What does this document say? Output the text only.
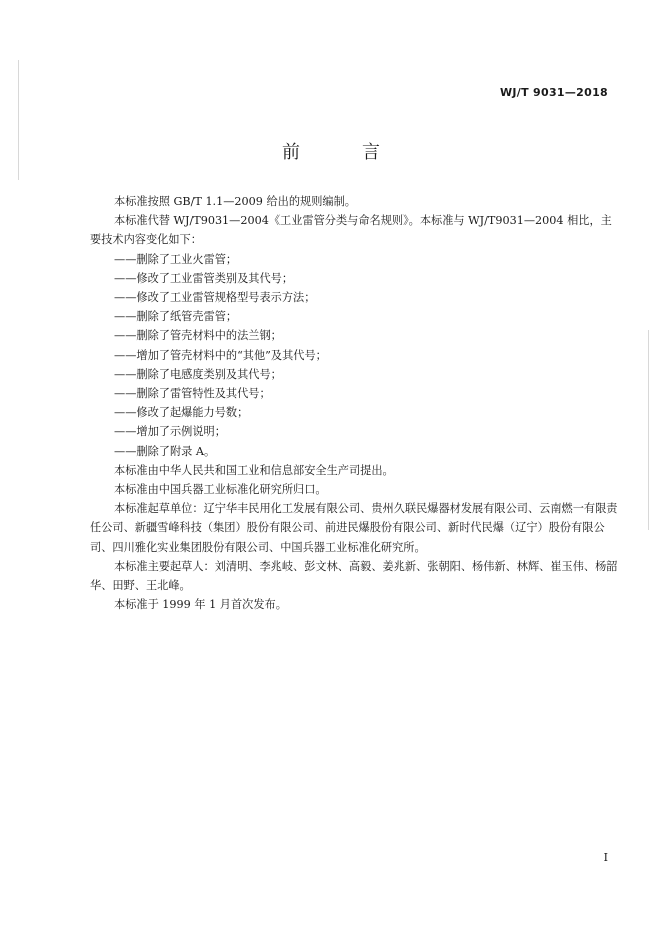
WJ/T 9031—2018
前　言

本标准按照 GB/T 1.1—2009 给出的规则编制。

本标准代替 WJ/T9031—2004《工业雷管分类与命名规则》。本标准与 WJ/T9031—2004 相比，主要技术内容变化如下：

——删除了工业火雷管；

——修改了工业雷管类别及其代号；

——修改了工业雷管规格型号表示方法；

——删除了纸管壳雷管；

——删除了管壳材料中的法兰钢；

——增加了管壳材料中的“其他”及其代号；

——删除了电感度类别及其代号；

——删除了雷管特性及其代号；

——修改了起爆能力号数；

——增加了示例说明；

——删除了附录 A。

本标准由中华人民共和国工业和信息部安全生产司提出。

本标准由中国兵器工业标准化研究所归口。

本标准起草单位：辽宁华丰民用化工发展有限公司、贵州久联民爆器材发展有限公司、云南燃一有限责任公司、新疆雪峰科技（集团）股份有限公司、前进民爆股份有限公司、新时代民爆（辽宁）股份有限公司、四川雅化实业集团股份有限公司、中国兵器工业标准化研究所。

本标准主要起草人：刘清明、李兆岐、彭文林、高毅、姜兆新、张朝阳、杨伟新、林辉、崔玉伟、杨韶华、田野、王北峰。

本标准于 1999 年 1 月首次发布。

I
